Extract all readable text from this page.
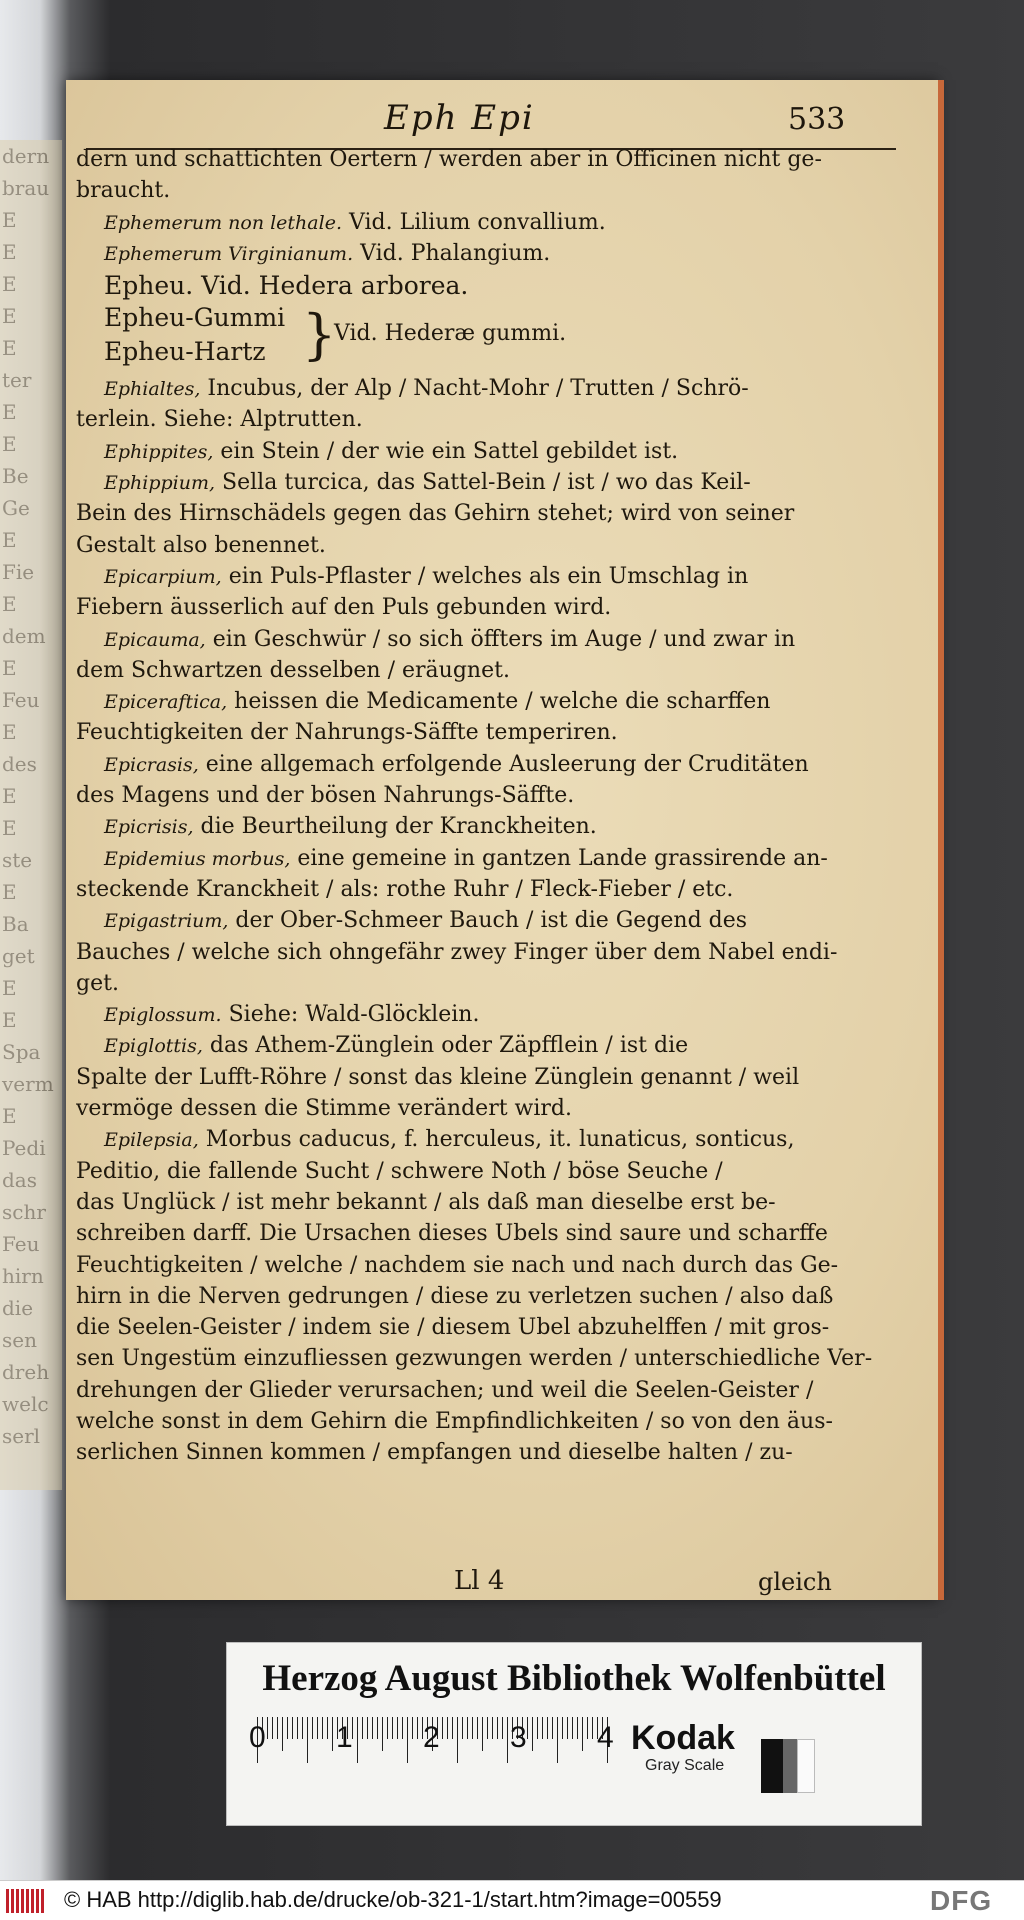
dern
brau
E
E
E
E
E
ter
E
E
Be
Ge
E
Fie
E
dem
E
Feu
E
des
E
E
ste
E
Ba
get
E
E
Spa
verm
E
Pedi
das
schr
Feu
hirn
die
sen
dreh
welc
serl
Eph Epi	533
dern und schattichten Oertern / werden aber in Officinen nicht ge-
braucht.
Ephemerum non lethale. Vid. Lilium convallium.
Ephemerum Virginianum. Vid. Phalangium.
Epheu. Vid. Hedera arborea.
Epheu-Gummi
Epheu-Hartz }
Vid. Hederæ gummi.
Ephialtes, Incubus, der Alp / Nacht-Mohr / Trutten / Schrö-
terlein. Siehe: Alptrutten.
Ephippites, ein Stein / der wie ein Sattel gebildet ist.
Ephippium, Sella turcica, das Sattel-Bein / ist / wo das Keil-
Bein des Hirnschädels gegen das Gehirn stehet; wird von seiner
Gestalt also benennet.
Epicarpium, ein Puls-Pflaster / welches als ein Umschlag in
Fiebern äusserlich auf den Puls gebunden wird.
Epicauma, ein Geschwür / so sich öffters im Auge / und zwar in
dem Schwartzen desselben / eräugnet.
Epiceraftica, heissen die Medicamente / welche die scharffen
Feuchtigkeiten der Nahrungs-Säffte temperiren.
Epicrasis, eine allgemach erfolgende Ausleerung der Cruditäten
des Magens und der bösen Nahrungs-Säffte.
Epicrisis, die Beurtheilung der Kranckheiten.
Epidemius morbus, eine gemeine in gantzen Lande grassirende an-
steckende Kranckheit / als: rothe Ruhr / Fleck-Fieber / etc.
Epigastrium, der Ober-Schmeer Bauch / ist die Gegend des
Bauches / welche sich ohngefähr zwey Finger über dem Nabel endi-
get.
Epiglossum. Siehe: Wald-Glöcklein.
Epiglottis, das Athem-Zünglein oder Zäpfflein / ist die
Spalte der Lufft-Röhre / sonst das kleine Zünglein genannt / weil
vermöge dessen die Stimme verändert wird.
Epilepsia, Morbus caducus, f. herculeus, it. lunaticus, sonticus,
Peditio, die fallende Sucht / schwere Noth / böse Seuche /
das Unglück / ist mehr bekannt / als daß man dieselbe erst be-
schreiben darff. Die Ursachen dieses Ubels sind saure und scharffe
Feuchtigkeiten / welche / nachdem sie nach und nach durch das Ge-
hirn in die Nerven gedrungen / diese zu verletzen suchen / also daß
die Seelen-Geister / indem sie / diesem Ubel abzuhelffen / mit gros-
sen Ungestüm einzufliessen gezwungen werden / unterschiedliche Ver-
drehungen der Glieder verursachen; und weil die Seelen-Geister /
welche sonst in dem Gehirn die Empfindlichkeiten / so von den äus-
serlichen Sinnen kommen / empfangen und dieselbe halten / zu-
Ll 4	gleich
Herzog August Bibliothek Wolfenbüttel
0 1 2 3 4 Kodak
Gray Scale
© HAB http://diglib.hab.de/drucke/ob-321-1/start.htm?image=00559	DFG
